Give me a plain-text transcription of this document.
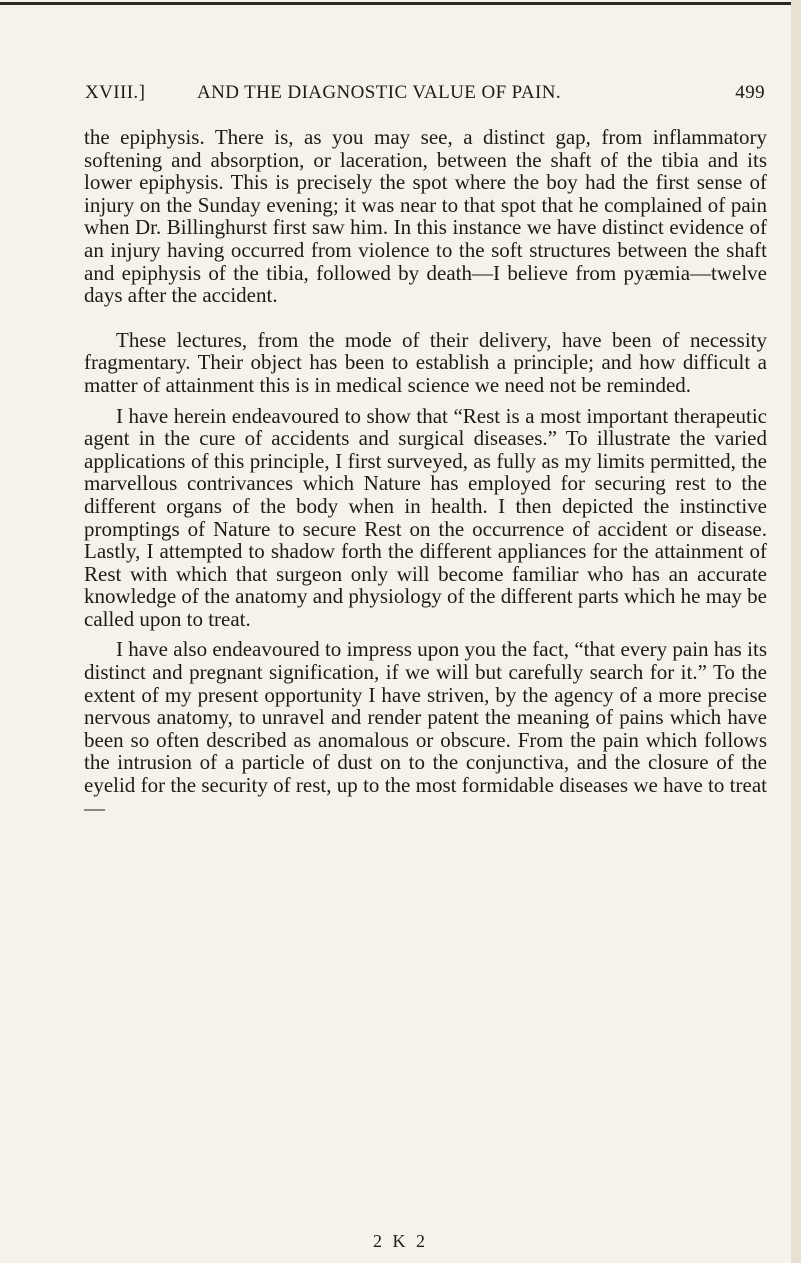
XVIII.]	AND THE DIAGNOSTIC VALUE OF PAIN.	499

the epiphysis. There is, as you may see, a distinct gap, from inflammatory softening and absorption, or laceration, between the shaft of the tibia and its lower epiphysis. This is precisely the spot where the boy had the first sense of injury on the Sunday evening; it was near to that spot that he complained of pain when Dr. Billinghurst first saw him. In this instance we have distinct evidence of an injury having occurred from violence to the soft structures between the shaft and epiphysis of the tibia, followed by death—I believe from pyæmia—twelve days after the accident.

These lectures, from the mode of their delivery, have been of necessity fragmentary. Their object has been to establish a principle; and how difficult a matter of attainment this is in medical science we need not be reminded.

I have herein endeavoured to show that “Rest is a most important therapeutic agent in the cure of accidents and surgical diseases.” To illustrate the varied applications of this principle, I first surveyed, as fully as my limits permitted, the marvellous contrivances which Nature has employed for securing rest to the different organs of the body when in health. I then depicted the instinctive promptings of Nature to secure Rest on the occurrence of accident or disease. Lastly, I attempted to shadow forth the different appliances for the attainment of Rest with which that surgeon only will become familiar who has an accurate knowledge of the anatomy and physiology of the different parts which he may be called upon to treat.

I have also endeavoured to impress upon you the fact, “that every pain has its distinct and pregnant signification, if we will but carefully search for it.” To the extent of my present opportunity I have striven, by the agency of a more precise nervous anatomy, to unravel and render patent the meaning of pains which have been so often described as anomalous or obscure. From the pain which follows the intrusion of a particle of dust on to the conjunctiva, and the closure of the eyelid for the security of rest, up to the most formidable diseases we have to treat—

2 K 2
